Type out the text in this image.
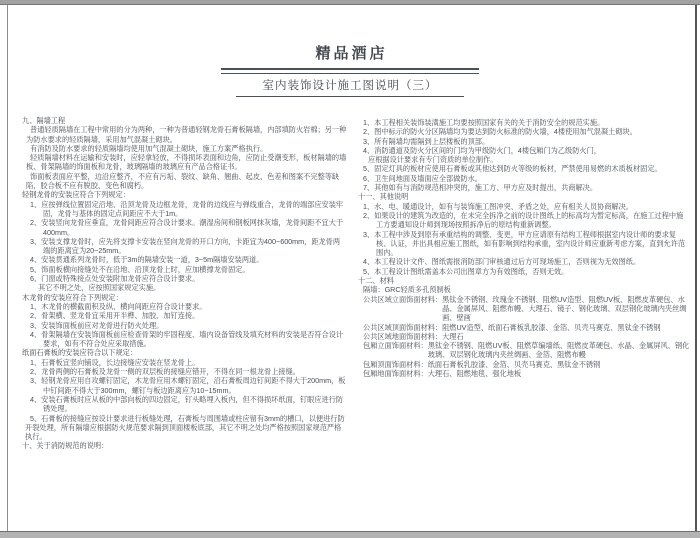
精品酒店
室内装饰设计施工图说明（三）
九、隔墙工程
普通轻质隔墙在工程中常用的分为两种，一种为普通轻钢龙骨石膏板隔墙，内部填防火岩棉；另一种为防水要求的轻质隔墙，采用加气混凝土砌块。
有消防及防水要求的轻质隔墙均使用加气混凝土砌块，施工方案严格执行。
轻质隔墙材料在运输和安装时，应轻拿轻放，不得损坏表面和边角，应防止受潮变形，板材隔墙的墙板、骨架隔墙的饰面板和龙骨，玻璃隔墙的玻璃应有产品合格证书。
饰面板表面应平整，边沿应整齐，不应有污垢、裂纹、缺角、翘曲、起皮、色差和图案不完整等缺陷，胶合板不应有脱胶、变色和腐朽。
轻钢龙骨的安装应符合下列规定：
1、应按弹线位置固定沿地、沿顶龙骨及边框龙骨，龙骨的边线应与弹线重合，龙骨的端部应安装牢固，龙骨与基体的固定点间距应不大于1m。
2、安装竖向龙骨应垂直，龙骨间距应符合设计要求。潮湿房间和钢板网抹灰墙，龙骨间距不宜大于400mm。
3、安装支撑龙骨时，应先将支撑卡安装在竖向龙骨的开口方向，卡距宜为400~600mm，距龙骨两端的距离宜为20~25mm。
4、安装贯通系列龙骨时，低于3m的隔墙安装一道，3~5m隔墙安装两道。
5、饰面板横向接缝处不在沿地、沿顶龙骨上时，应加横撑龙骨固定。
6、门窗或特殊接点处安装附加龙骨应符合设计要求。
其它不明之处，应按照国家规定实施。
木龙骨的安装应符合下列规定：
1、木龙骨的横截面积及纵、横向间距应符合设计要求。
2、骨架横、竖龙骨宜采用开半榫、加胶、加钉连接。
3、安装饰面板前应对龙骨进行防火处理。
4、骨架隔墙在安装饰面板前应检查骨架的牢固程度、墙内设备管线及填充材料的安装是否符合设计要求，如有不符合处应采取措施。
纸面石膏板的安装应符合以下规定：
1、石膏板宜竖向铺设，长边接缝应安装在竖龙骨上。
2、龙骨两侧的石膏板及龙骨一侧的双层板的接缝应错开，不得在同一根龙骨上接缝。
3、轻钢龙骨应用自攻螺钉固定，木龙骨应用木螺钉固定，沿石膏板周边钉间距不得大于200mm，板中钉间距不得大于300mm，螺钉与板边距离应为10~15mm。
4、安装石膏板时应从板的中部向板的四边固定，钉头略埋入板内，但不得损坏纸面，钉眼应进行防锈处理。
5、石膏板的接缝应按设计要求进行板缝处理，石膏板与周围墙或柱应留有3mm的槽口，以便进行防开裂处理，所有隔墙应根据防火规范要求隔到顶面楼板底部，其它不明之处均严格按照国家规范严格执行。
十、关于消防规范的说明：
1、本工程相关装饰装潢施工均要按照国家有关的关于消防安全的规范实施。
2、图中标示的防火分区隔墙均为要达到防火标准的防火墙，4楼使用加气混凝土砌块。
3、所有隔墙均需隔到上层楼板的顶部。
4、消防通道及防火分区间的门均为甲级防火门，4楼包厢门为乙级防火门，
应根据设计要求有专门资质的单位制作。
5、固定灯具的板材应使用石膏板或其他达到防火等级的板材，严禁使用易燃的木质板材固定。
6、卫生间地面及墙面应全部做防水。
7、其他如有与消防规范相冲突的，施工方、甲方应及时提出，共商解决。
十一、其他说明
1、水、电、暖通设计，如有与装饰施工图冲突、矛盾之处，应有相关人员协商解决。
2、如果设计的建筑为改造的，在未完全拆净之前的设计图纸上的标高均为暂定标高，在施工过程中施工方要通知设计师到现场按照拆净后的原结构重新调整。
3、本工程中涉及到原有承重结构的调整、变更，甲方应请原有结构工程师根据室内设计师的要求复核、认证，并出具相应施工图纸，如有影响到结构承重，室内设计师应重新考虑方案，直到允许范围内。
4、本工程设计文件、图纸需报消防部门审核通过后方可现场施工，否则视为无效图纸。
5、本工程设计图纸需盖本公司出图章方为有效图纸，否则无效。
十二、材料
隔墙： GRC轻质多孔预制板
公共区域立面饰面材料： 黑钛金不锈钢、玫瑰金不锈钢、阻燃UV造型、阻燃UV板、阻燃皮革硬包、水晶、金属屏风、阻燃布幔、大理石、镜子、钢化玻璃、双层钢化玻璃内夹丝绸画、壁画
公共区域顶面饰面材料： 阻燃UV造型、纸面石膏板乳胶漆、金箔、贝壳马赛克、黑钛金不锈钢
公共区域地面饰面材料： 大理石
包厢立面饰面材料： 黑钛金不锈钢、阻燃UV板、阻燃草编墙纸、阻燃皮革硬包、水晶、金属屏风、钢化玻璃、双层钢化玻璃内夹丝绸画、金箔、阻燃布幔
包厢顶面饰面材料： 纸面石膏板乳胶漆、金箔、贝壳马赛克、黑钛金不锈钢
包厢地面饰面材料： 大理石、阻燃地毯、强化地板
